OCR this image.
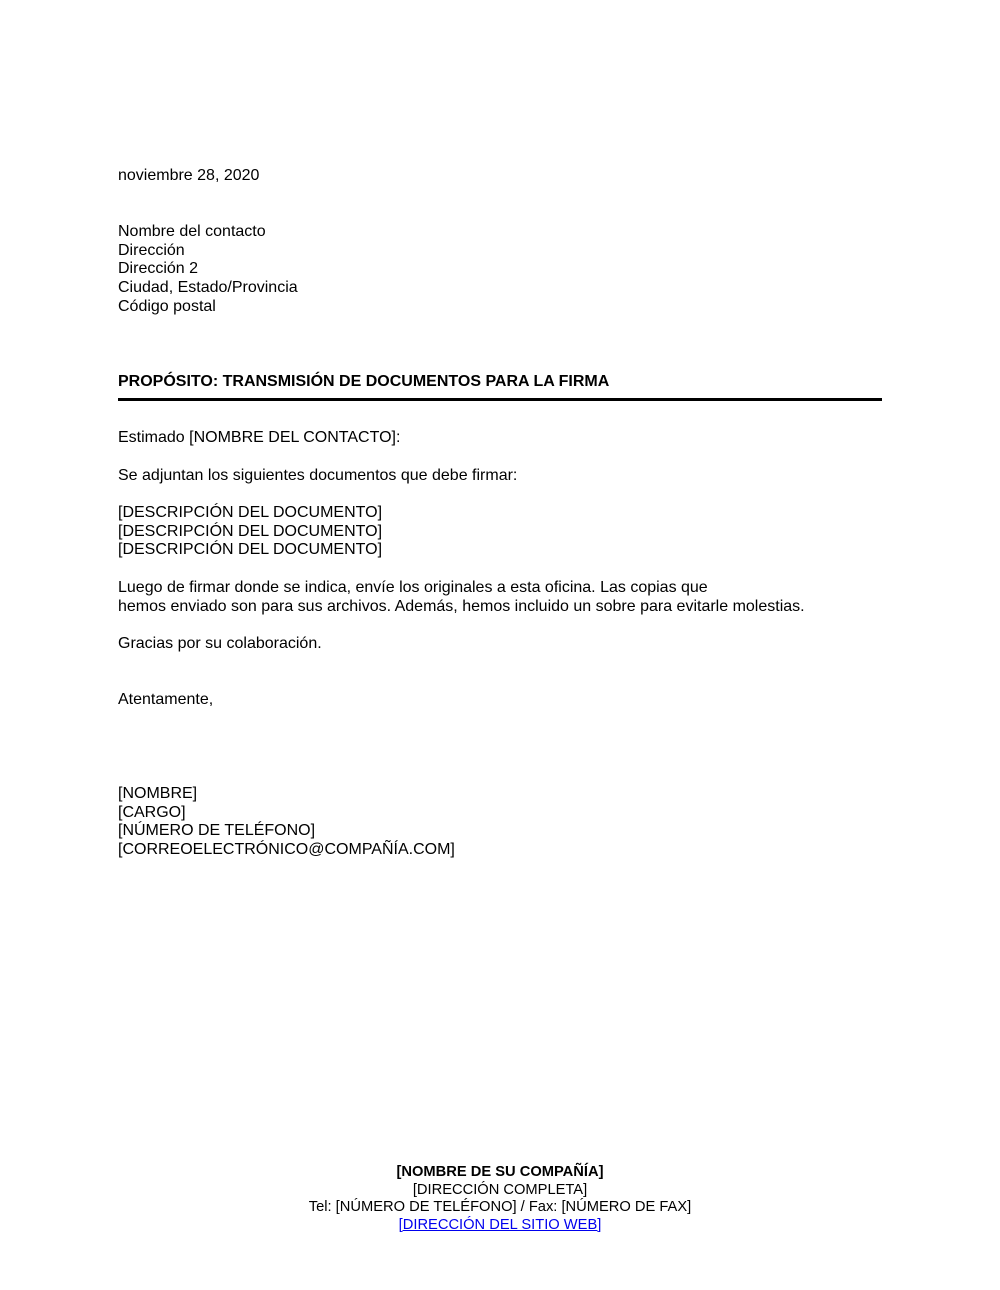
noviembre 28, 2020
Nombre del contacto
Dirección
Dirección 2
Ciudad, Estado/Provincia
Código postal
PROPÓSITO: TRANSMISIÓN DE DOCUMENTOS PARA LA FIRMA
Estimado [NOMBRE DEL CONTACTO]:
Se adjuntan los siguientes documentos que debe firmar:
[DESCRIPCIÓN DEL DOCUMENTO]
[DESCRIPCIÓN DEL DOCUMENTO]
[DESCRIPCIÓN DEL DOCUMENTO]
Luego de firmar donde se indica, envíe los originales a esta oficina. Las copias que
hemos enviado son para sus archivos. Además, hemos incluido un sobre para evitarle molestias.
Gracias por su colaboración.
Atentamente,
[NOMBRE]
[CARGO]
[NÚMERO DE TELÉFONO]
[CORREOELECTRÓNICO@COMPAÑÍA.COM]
[NOMBRE DE SU COMPAÑÍA]
[DIRECCIÓN COMPLETA]
Tel: [NÚMERO DE TELÉFONO] / Fax: [NÚMERO DE FAX]
[DIRECCIÓN DEL SITIO WEB]
